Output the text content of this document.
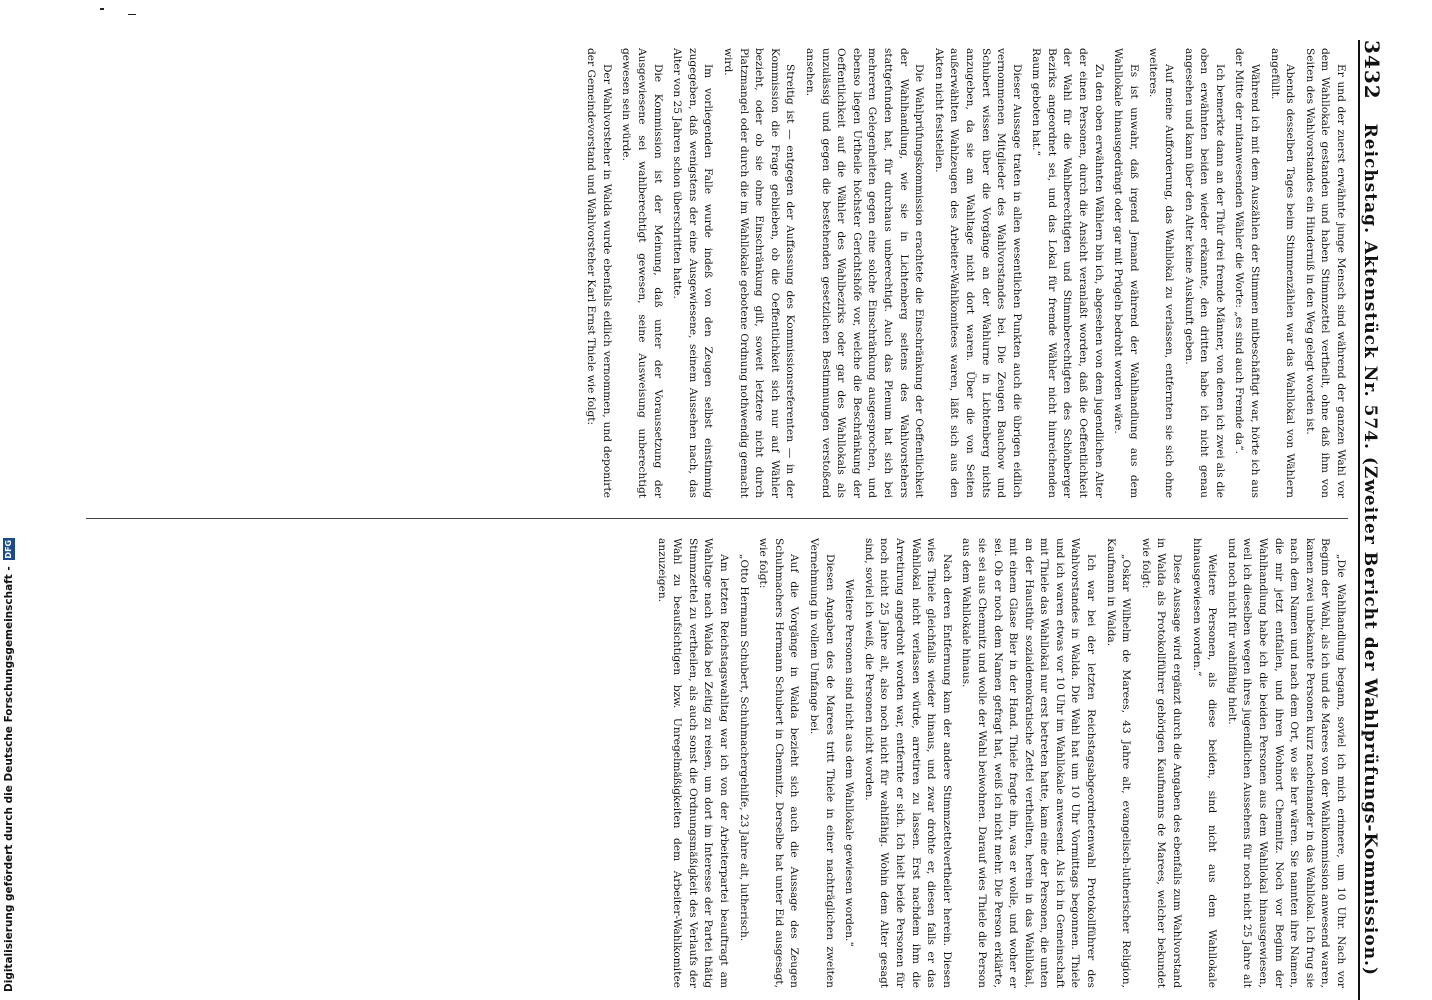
3432
Reichstag. Aktenstück Nr. 574. (Zweiter Bericht der Wahlprüfungs-Kommission.)

Er und der zuerst erwähnte junge Mensch sind während der ganzen Wahl vor dem Wahllokale gestanden und haben Stimmzettel vertheilt, ohne daß ihm von Seiten des Wahlvorstandes ein Hinderniß in den Weg gelegt worden ist.

Abends desselben Tages beim Stimmenzählen war das Wahllokal von Wählern angefüllt.

Während ich mit dem Auszählen der Stimmen mitbeschäftigt war, hörte ich aus der Mitte der mitanwesenden Wähler die Worte: „es sind auch Fremde da“.

Ich bemerkte dann an der Thür drei fremde Männer, von denen ich zwei als die oben erwähnten beiden wieder erkannte, den dritten habe ich nicht genau angesehen und kann über den Alter keine Auskunft geben.

Auf meine Aufforderung, das Wahllokal zu verlassen, entfernten sie sich ohne weiteres.

Es ist unwahr, daß irgend Jemand während der Wahlhandlung aus dem Wahllokale hinausgedrängt oder gar mit Prügeln bedroht worden wäre.

Zu den oben erwähnten Wählern bin ich, abgesehen von dem jugendlichen Alter der einen Personen, durch die Ansicht veranlaßt worden, daß die Oeffentlichkeit der Wahl für die Wahlberechtigten und Stimmberechtigten des Schönberger Bezirks angeordnet sei, und das Lokal für fremde Wähler nicht hinreichenden Raum geboten hat.“

Dieser Aussage traten in allen wesentlichen Punkten auch die übrigen eidlich vernommenen Mitglieder des Wahlvorstandes bei. Die Zeugen Bauchow und Schubert wissen über die Vorgänge an der Wahlurne in Lichtenberg nichts anzugeben, da sie am Wahltage nicht dort waren. Über die von Seiten außerwählten Wahlzeugen des Arbeiter-Wahlkomitees waren, läßt sich aus den Akten nicht feststellen.

Die Wahlprüfungskommission erachtete die Einschränkung der Oeffentlichkeit der Wahlhandlung, wie sie in Lichtenberg seitens des Wahlvorstehers stattgefunden hat, für durchaus unberechtigt. Auch das Plenum hat sich bei mehreren Gelegenheiten gegen eine solche Einschränkung ausgesprochen, und ebenso liegen Urtheile höchster Gerichtshöfe vor, welche die Beschränkung der Oeffentlichkeit auf die Wähler des Wahlbezirks oder gar des Wahllokals als unzulässig und gegen die bestehenden gesetzlichen Bestimmungen verstoßend ansehen.

Streitig ist — entgegen der Auffassung des Kommissionsreferenten — in der Kommission die Frage geblieben, ob die Oeffentlichkeit sich nur auf Wähler bezieht, oder ob sie ohne Einschränkung gilt, soweit letztere nicht durch Platzmangel oder durch die im Wahllokale gebotene Ordnung nothwendig gemacht wird.

Im vorliegenden Falle wurde indeß von den Zeugen selbst einstimmig zugegeben, daß wenigstens der eine Ausgewiesene, seinem Aussehen nach, das Alter von 25 Jahren schon überschritten hatte.

Die Kommission ist der Meinung, daß unter der Voraussetzung der Ausgewiesene sei wahlberechtigt gewesen, seine Ausweisung unberechtigt gewesen sein würde.

Der Wahlvorsteher in Walda wurde ebenfalls eidlich vernommen, und deponirte der Gemeindevorstand und Wahlvorsteher Karl Ernst Thiele wie folgt:

„Die Wahlhandlung begann, soviel ich mich erinnere, um 10 Uhr. Nach vor Beginn der Wahl, als ich und de Marees von der Wahlkommission anwesend waren, kamen zwei unbekannte Personen kurz nacheinander in das Wahllokal. Ich frug sie nach dem Namen und nach dem Ort, wo sie her wären. Sie nannten ihre Namen, die mir jetzt entfallen, und ihren Wohnort Chemnitz. Noch vor Beginn der Wahlhandlung habe ich die beiden Personen aus dem Wahllokal hinausgewiesen, weil ich dieselben wegen ihres jugendlichen Aussehens für noch nicht 25 Jahre alt und noch nicht für wahlfähig hielt.

Weitere Personen, als diese beiden, sind nicht aus dem Wahllokale hinausgewiesen worden.“

Diese Aussage wird ergänzt durch die Angaben des ebenfalls zum Wahlvorstand in Walda als Protokollführer gehörigen Kaufmanns de Marees, welcher bekundet wie folgt:

„Oskar Wilhelm de Marees, 43 Jahre alt, evangelisch-lutherischer Religion, Kaufmann in Walda.

Ich war bei der letzten Reichstagsabgeordnetenwahl Protokollführer des Wahlvorstandes in Walda. Die Wahl hat um 10 Uhr Vormittags begonnen. Thiele und ich waren etwas vor 10 Uhr im Wahllokale anwesend. Als ich in Gemeinschaft mit Thiele das Wahllokal nur erst betreten hatte, kam eine der Personen, die unten an der Hausthür sozialdemokratische Zettel vertheilten, herein in das Wahllokal, mit einem Glase Bier in der Hand. Thiele fragte ihn, was er wolle, und woher er sei. Ob er noch dem Namen gefragt hat, weiß ich nicht mehr. Die Person erklärte, sie sei aus Chemnitz und wolle der Wahl beiwohnen. Darauf wies Thiele die Person aus dem Wahllokale hinaus.

Nach deren Entfernung kam der andere Stimmzettelvertheiler herein. Diesen wies Thiele gleichfalls wieder hinaus, und zwar drohte er, diesen falls er das Wahllokal nicht verlassen würde, arretiren zu lassen. Erst nachdem ihm die Arretirung angedroht worden war, entfernte er sich. Ich hielt beide Personen für noch nicht 25 Jahre alt, also noch nicht für wahlfähig. Wohin dem Alter gesagt sind, soviel ich weiß, die Personen nicht worden.

Weitere Personen sind nicht aus dem Wahllokale gewiesen worden.“

Diesen Angaben des de Marees tritt Thiele in einer nachträglichen zweiten Vernehmung in vollem Umfange bei.

Auf die Vorgänge in Walda bezieht sich auch die Aussage des Zeugen Schuhmachers Hermann Schubert in Chemnitz. Derselbe hat unter Eid ausgesagt, wie folgt:

„Otto Hermann Schubert, Schuhmachergehilfe, 23 Jahre alt, lutherisch.

Am letzten Reichstagswahltag war ich von der Arbeiterpartei beauftragt am Wahltage nach Walda bei Zeitig zu reisen, um dort im Interesse der Partei thätig Stimmzettel zu vertheilen, als auch sonst die Ordnungsmäßigkeit des Verlaufs der Wahl zu beaufsichtigen bzw. Unregelmäßigkeiten dem Arbeiter-Wahlkomitee anzuzeigen.

Digitalisierung gefördert durch die Deutsche Forschungsgemeinschaft -
DFG
